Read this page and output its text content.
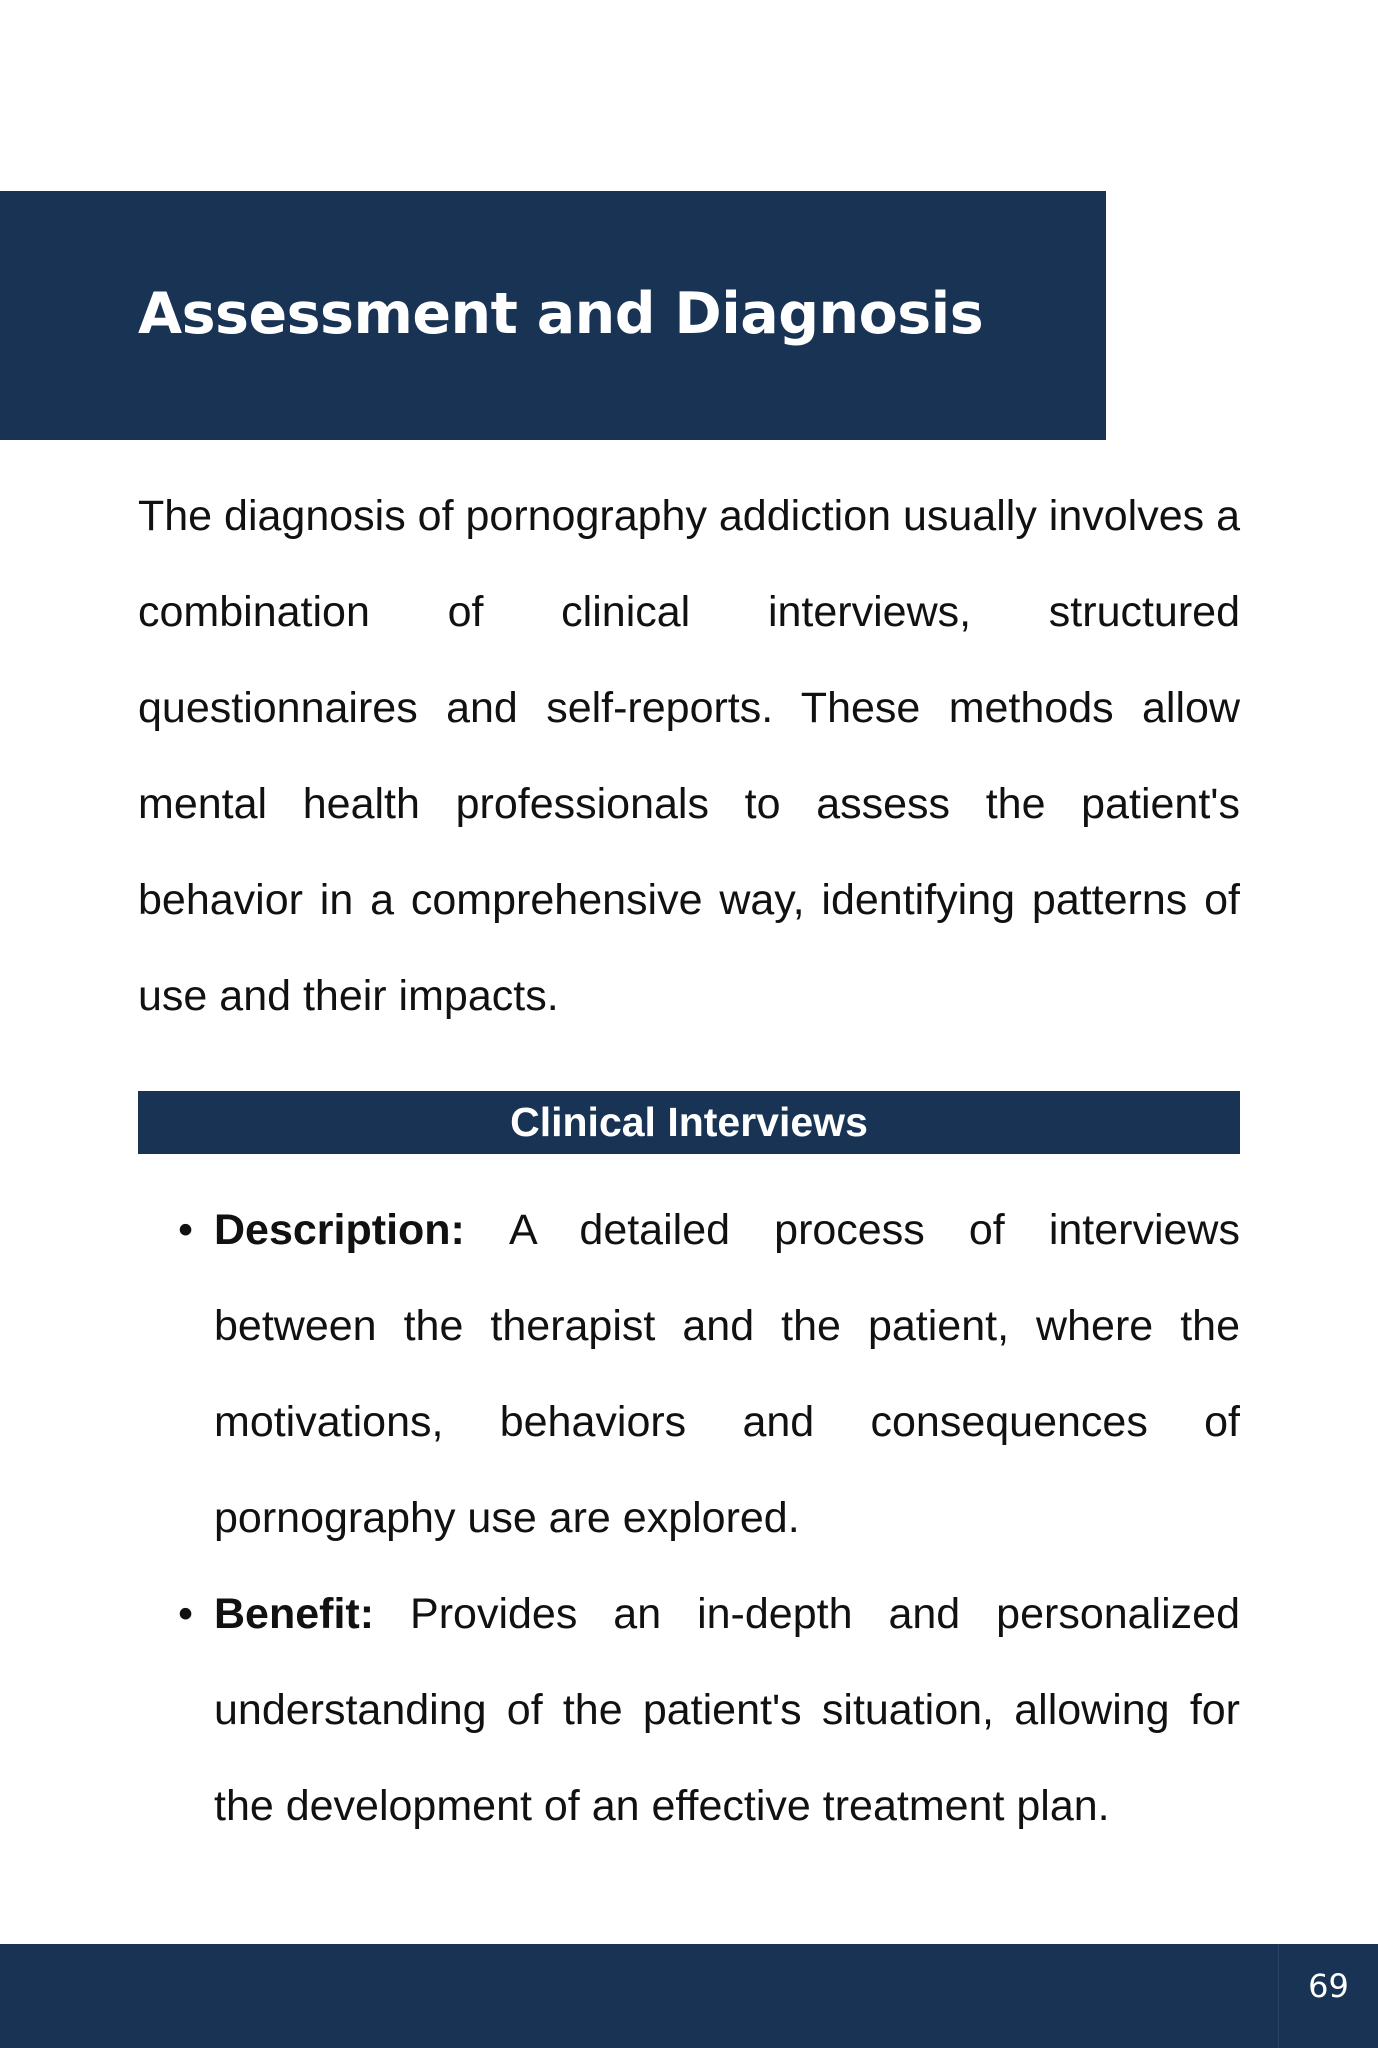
Assessment and Diagnosis

The diagnosis of pornography addiction usually involves a combination of clinical interviews, structured questionnaires and self-reports. These methods allow mental health professionals to assess the patient's behavior in a comprehensive way, identifying patterns of use and their impacts.

Clinical Interviews
• Description: A detailed process of interviews between the therapist and the patient, where the motivations, behaviors and consequences of pornography use are explored.
• Benefit: Provides an in-depth and personalized understanding of the patient's situation, allowing for the development of an effective treatment plan.
69
